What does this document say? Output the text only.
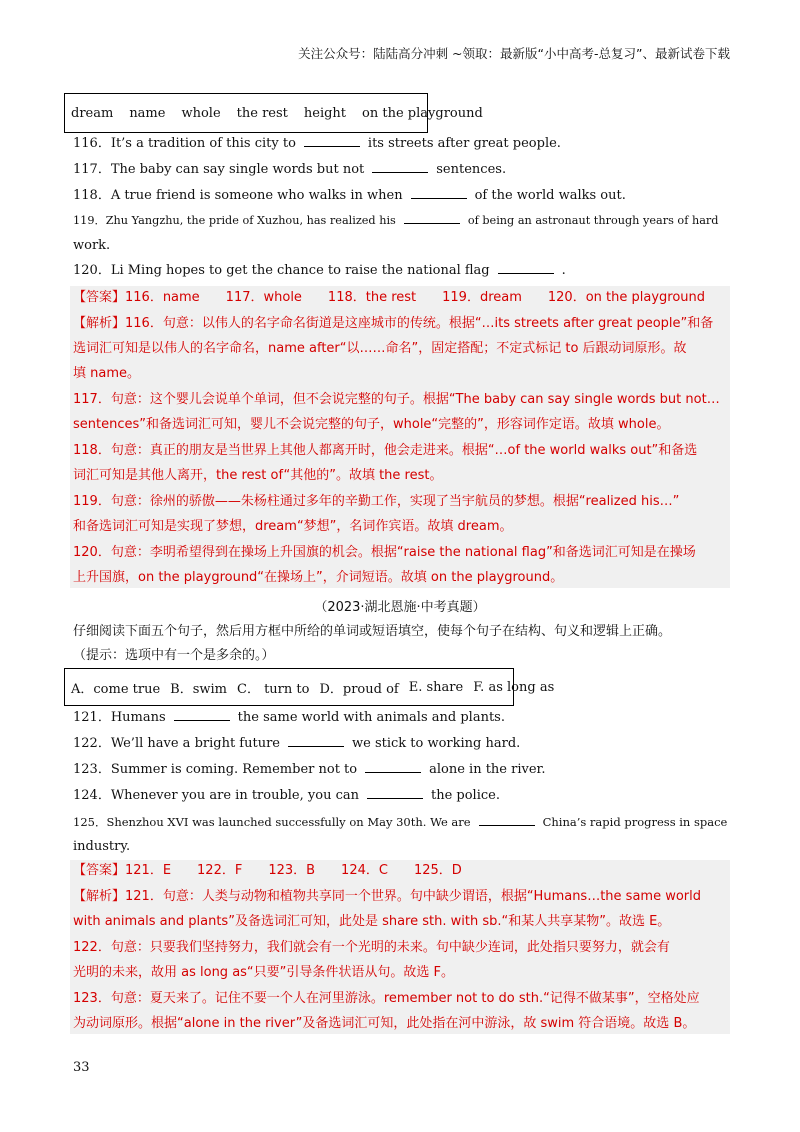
关注公众号：陆陆高分冲刺 ~领取：最新版“小中高考-总复习”、最新试卷下载
dream name whole the rest height on the playground
116．It’s a tradition of this city to	its streets after great people.
117．The baby can say single words but not	sentences.
118．A true friend is someone who walks in when	of the world walks out.
119．Zhu Yangzhu, the pride of Xuzhou, has realized his	of being an astronaut through years of hard
work.
120．Li Ming hopes to get the chance to raise the national flag	.
【答案】116．name　　117．whole　　118．the rest　　119．dream　　120．on the playground
【解析】116．句意：以伟人的名字命名街道是这座城市的传统。根据“…its streets after great people”和备
选词汇可知是以伟人的名字命名，name after“以……命名”，固定搭配；不定式标记 to 后跟动词原形。故
填 name。
117．句意：这个婴儿会说单个单词，但不会说完整的句子。根据“The baby can say single words but not…
sentences”和备选词汇可知，婴儿不会说完整的句子，whole“完整的”，形容词作定语。故填 whole。
118．句意：真正的朋友是当世界上其他人都离开时，他会走进来。根据“…of the world walks out”和备选
词汇可知是其他人离开，the rest of“其他的”。故填 the rest。
119．句意：徐州的骄傲——朱杨柱通过多年的辛勤工作，实现了当宇航员的梦想。根据“realized his…”
和备选词汇可知是实现了梦想，dream“梦想”，名词作宾语。故填 dream。
120．句意：李明希望得到在操场上升国旗的机会。根据“raise the national flag”和备选词汇可知是在操场
上升国旗，on the playground“在操场上”，介词短语。故填 on the playground。
（2023·湖北恩施·中考真题）
仔细阅读下面五个句子，然后用方框中所给的单词或短语填空，使每个句子在结构、句义和逻辑上正确。
（提示：选项中有一个是多余的。）
A．come true B．swim C． turn to D．proud of E. share F. as long as
121．Humans	the same world with animals and plants.
122．We’ll have a bright future	we stick to working hard.
123．Summer is coming. Remember not to	alone in the river.
124．Whenever you are in trouble, you can	the police.
125．Shenzhou XVI was launched successfully on May 30th. We are	China’s rapid progress in space
industry.
【答案】121．E　　122．F　　123．B　　124．C　　125．D
【解析】121．句意：人类与动物和植物共享同一个世界。句中缺少谓语，根据“Humans…the same world
with animals and plants”及备选词汇可知，此处是 share sth. with sb.“和某人共享某物”。故选 E。
122．句意：只要我们坚持努力，我们就会有一个光明的未来。句中缺少连词，此处指只要努力，就会有
光明的未来，故用 as long as“只要”引导条件状语从句。故选 F。
123．句意：夏天来了。记住不要一个人在河里游泳。remember not to do sth.“记得不做某事”，空格处应
为动词原形。根据“alone in the river”及备选词汇可知，此处指在河中游泳，故 swim 符合语境。故选 B。
33
